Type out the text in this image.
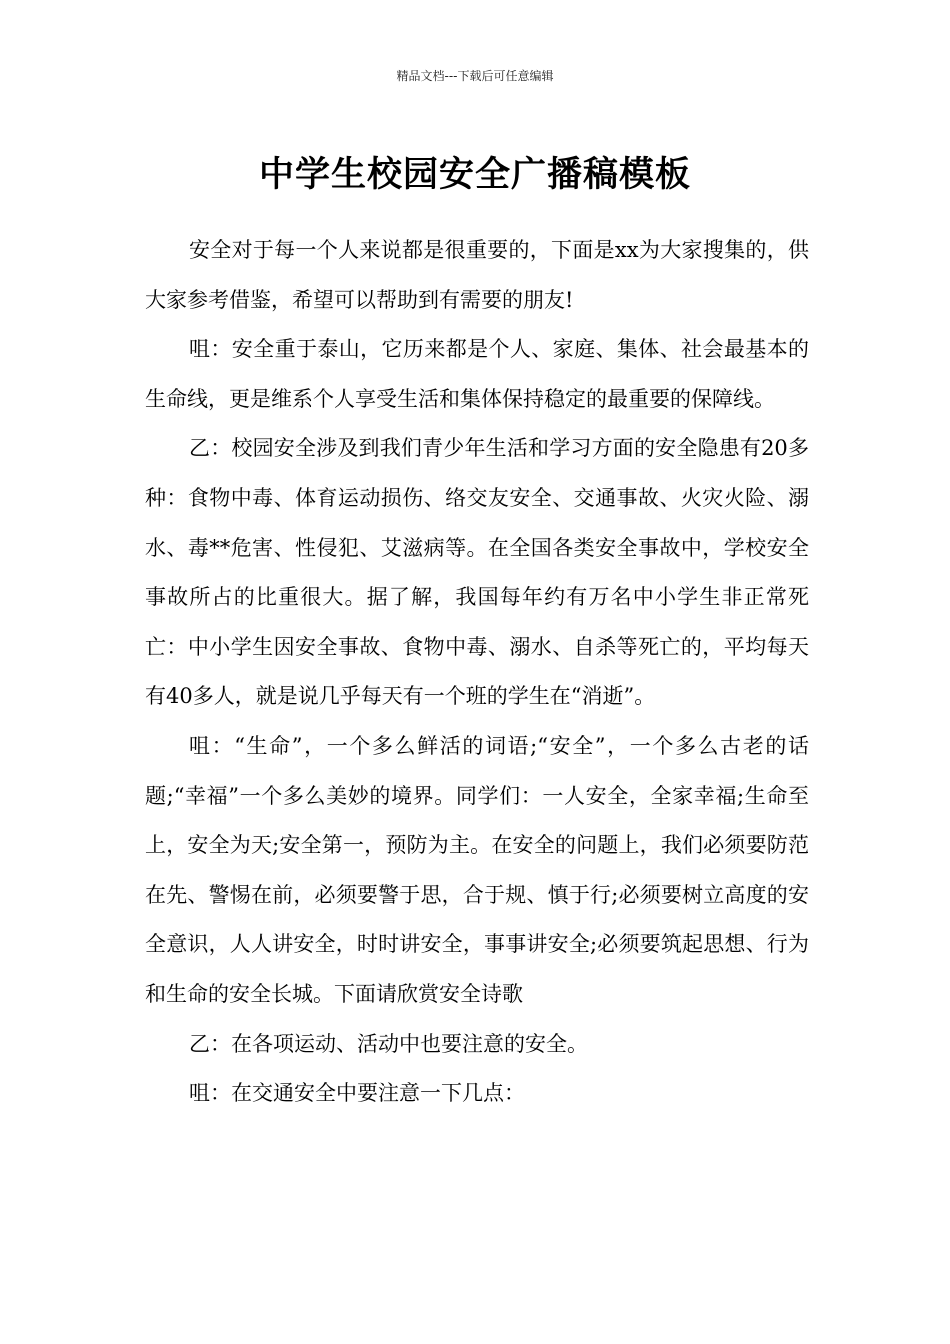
精品文档---下载后可任意编辑
中学生校园安全广播稿模板

安全对于每一个人来说都是很重要的，下面是xx为大家搜集的，供大家参考借鉴，希望可以帮助到有需要的朋友!

咀：安全重于泰山，它历来都是个人、家庭、集体、社会最基本的生命线，更是维系个人享受生活和集体保持稳定的最重要的保障线。

乙：校园安全涉及到我们青少年生活和学习方面的安全隐患有20多种：食物中毒、体育运动损伤、络交友安全、交通事故、火灾火险、溺水、毒**危害、性侵犯、艾滋病等。在全国各类安全事故中，学校安全事故所占的比重很大。据了解，我国每年约有万名中小学生非正常死亡：中小学生因安全事故、食物中毒、溺水、自杀等死亡的，平均每天有40多人，就是说几乎每天有一个班的学生在“消逝”。

咀：“生命”，一个多么鲜活的词语;“安全”，一个多么古老的话题;“幸福”一个多么美妙的境界。同学们：一人安全，全家幸福;生命至上，安全为天;安全第一，预防为主。在安全的问题上，我们必须要防范在先、警惕在前，必须要警于思，合于规、慎于行;必须要树立高度的安全意识，人人讲安全，时时讲安全，事事讲安全;必须要筑起思想、行为和生命的安全长城。下面请欣赏安全诗歌

乙：在各项运动、活动中也要注意的安全。

咀：在交通安全中要注意一下几点：
